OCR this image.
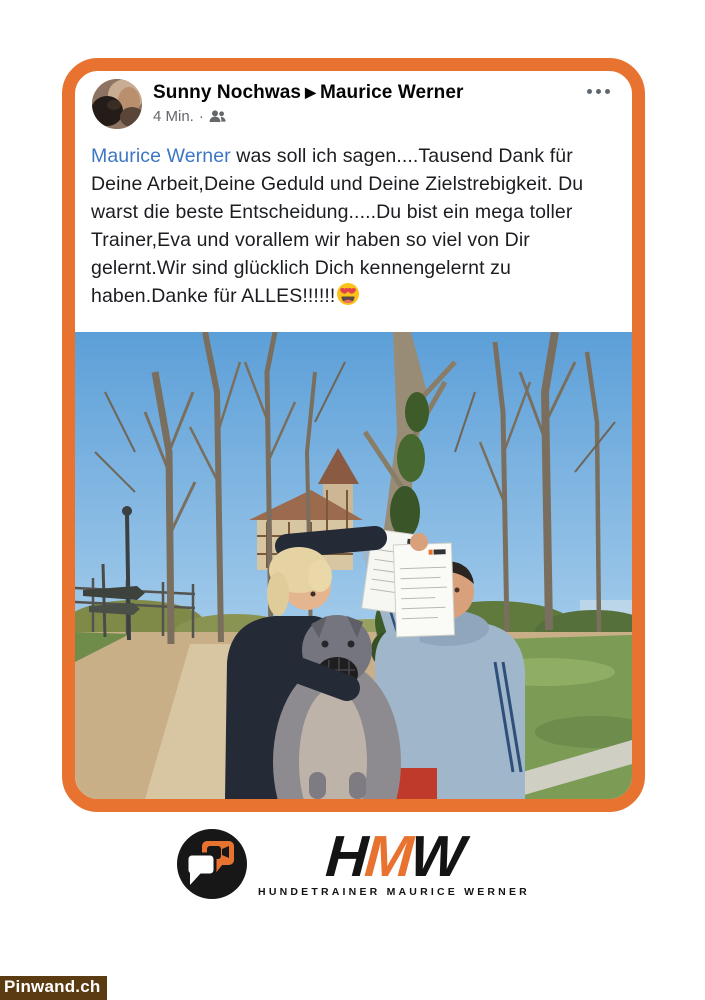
Sunny Nochwas ▶ Maurice Werner
4 Min. ·
Maurice Werner was soll ich sagen....Tausend Dank für Deine Arbeit,Deine Geduld und Deine Zielstrebigkeit. Du warst die beste Entscheidung.....Du bist ein mega toller Trainer,Eva und vorallem wir haben so viel von Dir gelernt.Wir sind glücklich Dich kennengelernt zu haben.Danke für ALLES!!!!!!
HMW
HUNDETRAINER MAURICE WERNER
Pinwand.ch
